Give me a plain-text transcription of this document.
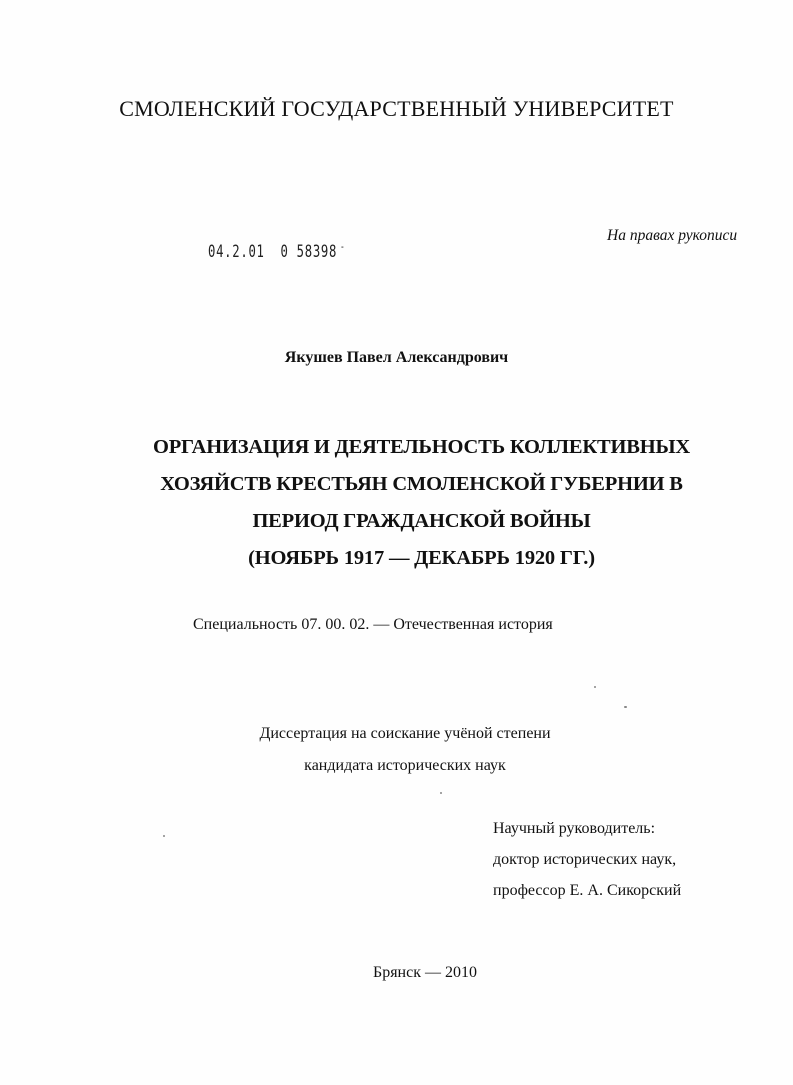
СМОЛЕНСКИЙ ГОСУДАРСТВЕННЫЙ УНИВЕРСИТЕТ
На правах рукописи
04.2.01 0 58398 -
Якушев Павел Александрович
ОРГАНИЗАЦИЯ И ДЕЯТЕЛЬНОСТЬ КОЛЛЕКТИВНЫХ
ХОЗЯЙСТВ КРЕСТЬЯН СМОЛЕНСКОЙ ГУБЕРНИИ В
ПЕРИОД ГРАЖДАНСКОЙ ВОЙНЫ
(НОЯБРЬ 1917 — ДЕКАБРЬ 1920 ГГ.)
Специальность 07. 00. 02. — Отечественная история
Диссертация на соискание учёной степени
кандидата исторических наук
Научный руководитель:
доктор исторических наук,
профессор Е. А. Сикорский
Брянск — 2010
